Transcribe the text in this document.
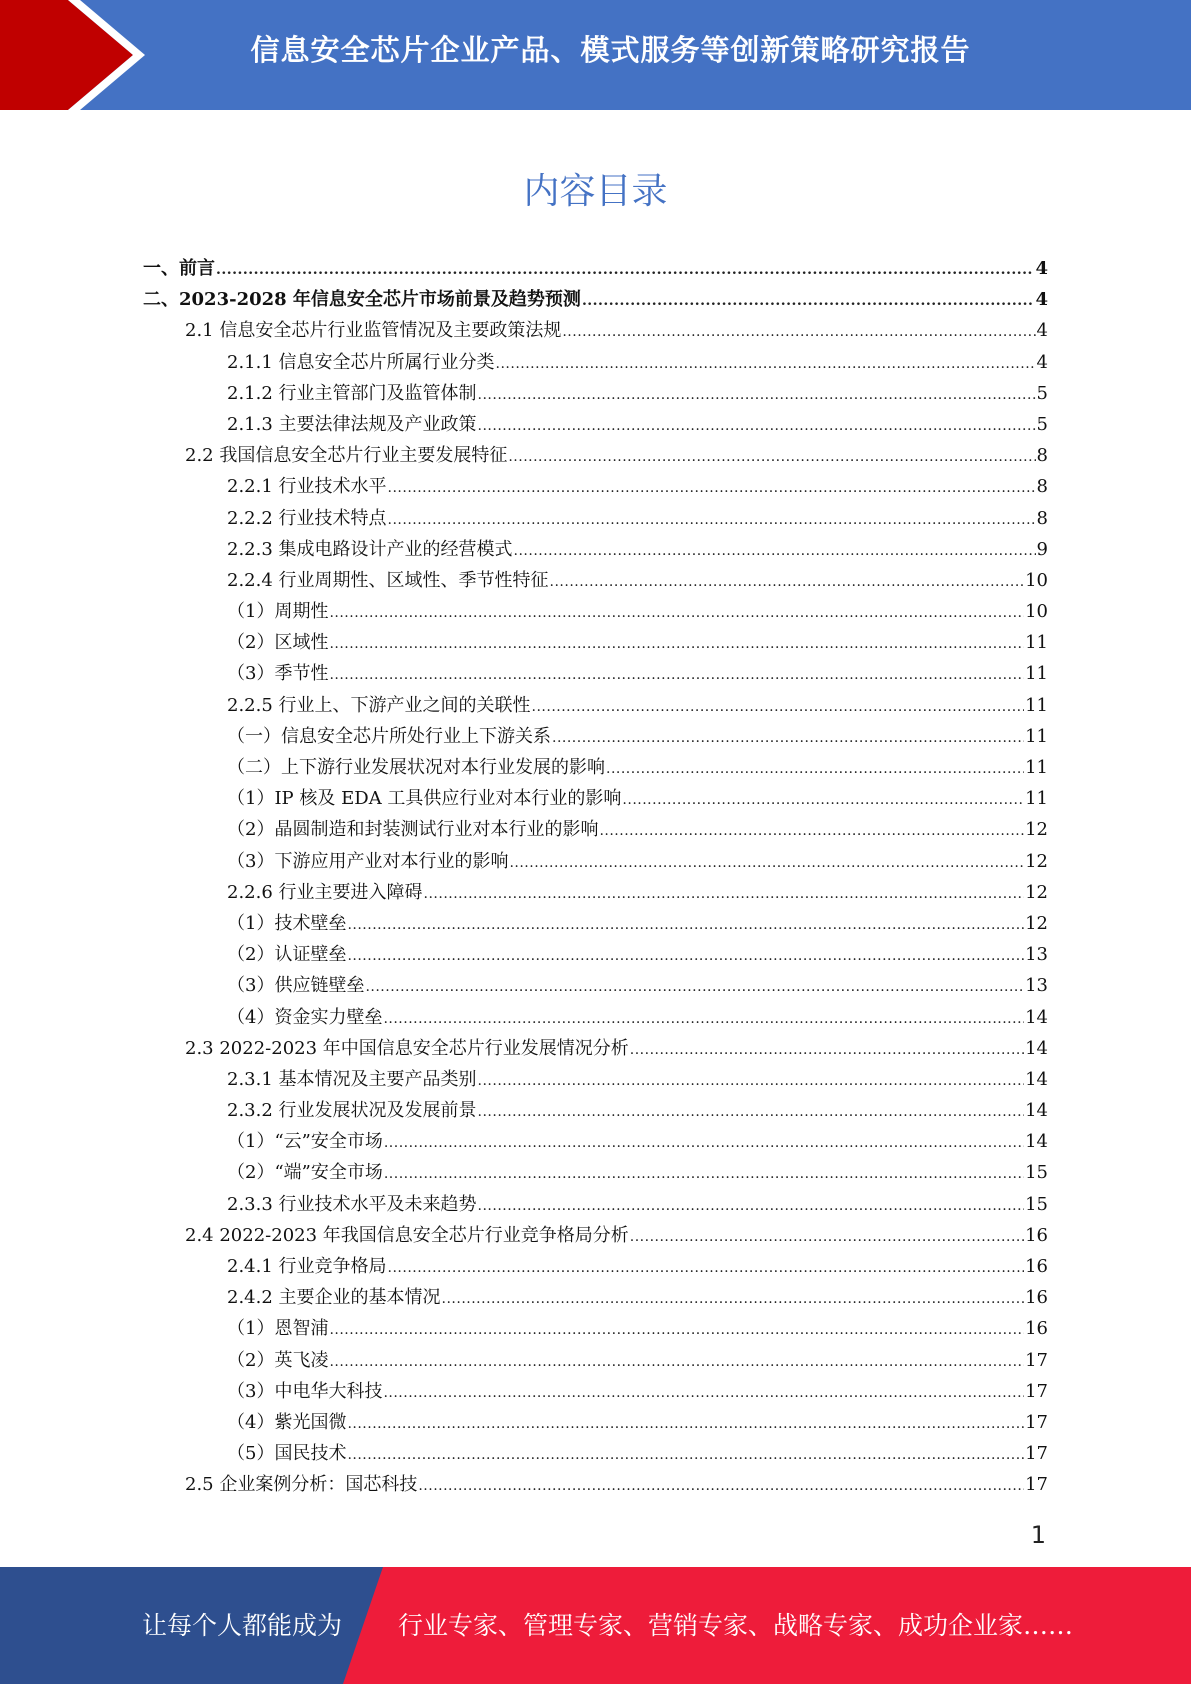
信息安全芯片企业产品、模式服务等创新策略研究报告
内容目录
一、前言 .....	4
二、2023-2028 年信息安全芯片市场前景及趋势预测 .....	4
2.1 信息安全芯片行业监管情况及主要政策法规 .....	4
2.1.1 信息安全芯片所属行业分类 .....	4
2.1.2 行业主管部门及监管体制 .....	5
2.1.3 主要法律法规及产业政策 .....	5
2.2 我国信息安全芯片行业主要发展特征 .....	8
2.2.1 行业技术水平 .....	8
2.2.2 行业技术特点 .....	8
2.2.3 集成电路设计产业的经营模式 .....	9
2.2.4 行业周期性、区域性、季节性特征 .....	10
（1）周期性 .....	10
（2）区域性 .....	11
（3）季节性 .....	11
2.2.5 行业上、下游产业之间的关联性 .....	11
（一）信息安全芯片所处行业上下游关系 .....	11
（二）上下游行业发展状况对本行业发展的影响 .....	11
（1）IP 核及 EDA 工具供应行业对本行业的影响 .....	11
（2）晶圆制造和封装测试行业对本行业的影响 .....	12
（3）下游应用产业对本行业的影响 .....	12
2.2.6 行业主要进入障碍 .....	12
（1）技术壁垒 .....	12
（2）认证壁垒 .....	13
（3）供应链壁垒 .....	13
（4）资金实力壁垒 .....	14
2.3 2022-2023 年中国信息安全芯片行业发展情况分析 .....	14
2.3.1 基本情况及主要产品类别 .....	14
2.3.2 行业发展状况及发展前景 .....	14
（1）“云”安全市场 .....	14
（2）“端”安全市场 .....	15
2.3.3 行业技术水平及未来趋势 .....	15
2.4 2022-2023 年我国信息安全芯片行业竞争格局分析 .....	16
2.4.1 行业竞争格局 .....	16
2.4.2 主要企业的基本情况 .....	16
（1）恩智浦 .....	16
（2）英飞凌 .....	17
（3）中电华大科技 .....	17
（4）紫光国微 .....	17
（5）国民技术 .....	17
2.5 企业案例分析：国芯科技 .....	17
1
让每个人都能成为 行业专家、管理专家、营销专家、战略专家、成功企业家……
